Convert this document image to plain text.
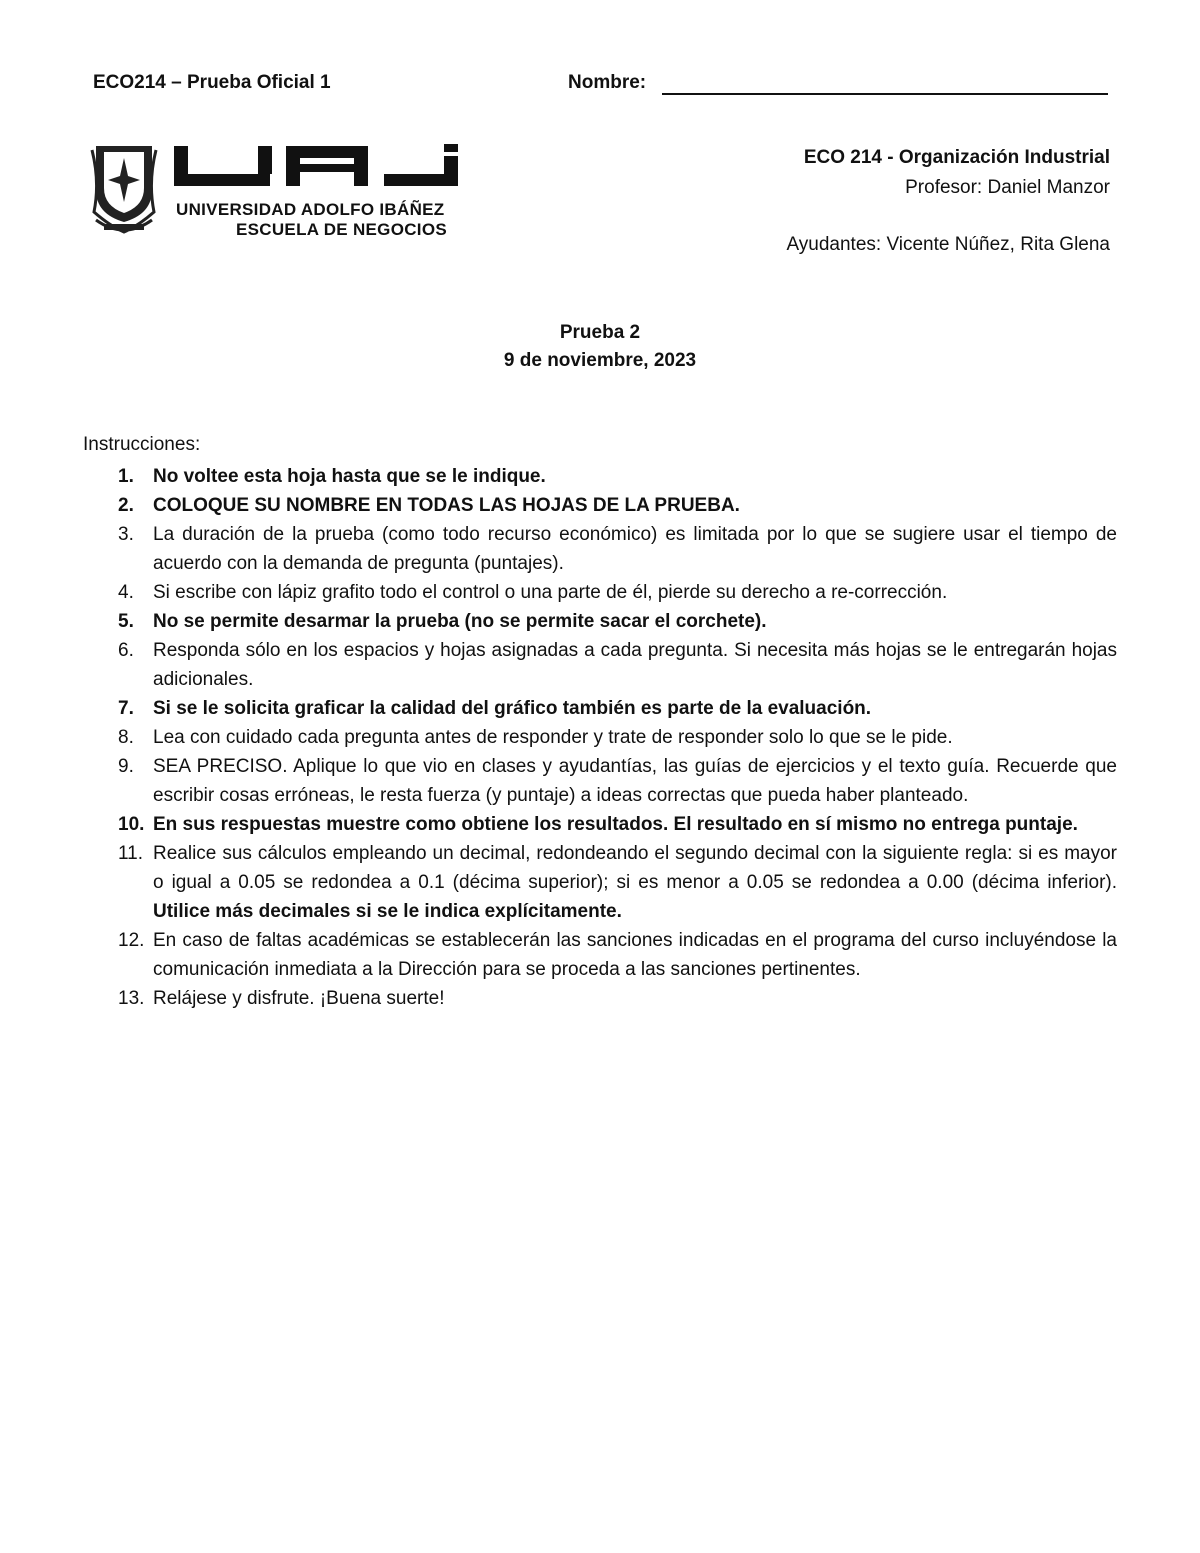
ECO214 – Prueba Oficial 1	Nombre:
UNIVERSIDAD ADOLFO IBÁÑEZ
ESCUELA DE NEGOCIOS
ECO 214 - Organización Industrial
Profesor: Daniel Manzor
Ayudantes: Vicente Núñez, Rita Glena
Prueba 2
9 de noviembre, 2023
Instrucciones:
1. No voltee esta hoja hasta que se le indique.
2. COLOQUE SU NOMBRE EN TODAS LAS HOJAS DE LA PRUEBA.
3. La duración de la prueba (como todo recurso económico) es limitada por lo que se sugiere usar el tiempo de acuerdo con la demanda de pregunta (puntajes).
4. Si escribe con lápiz grafito todo el control o una parte de él, pierde su derecho a re-corrección.
5. No se permite desarmar la prueba (no se permite sacar el corchete).
6. Responda sólo en los espacios y hojas asignadas a cada pregunta. Si necesita más hojas se le entregarán hojas adicionales.
7. Si se le solicita graficar la calidad del gráfico también es parte de la evaluación.
8. Lea con cuidado cada pregunta antes de responder y trate de responder solo lo que se le pide.
9. SEA PRECISO. Aplique lo que vio en clases y ayudantías, las guías de ejercicios y el texto guía. Recuerde que escribir cosas erróneas, le resta fuerza (y puntaje) a ideas correctas que pueda haber planteado.
10. En sus respuestas muestre como obtiene los resultados. El resultado en sí mismo no entrega puntaje.
11. Realice sus cálculos empleando un decimal, redondeando el segundo decimal con la siguiente regla: si es mayor o igual a 0.05 se redondea a 0.1 (décima superior); si es menor a 0.05 se redondea a 0.00 (décima inferior). Utilice más decimales si se le indica explícitamente.
12. En caso de faltas académicas se establecerán las sanciones indicadas en el programa del curso incluyéndose la comunicación inmediata a la Dirección para se proceda a las sanciones pertinentes.
13. Relájese y disfrute. ¡Buena suerte!
